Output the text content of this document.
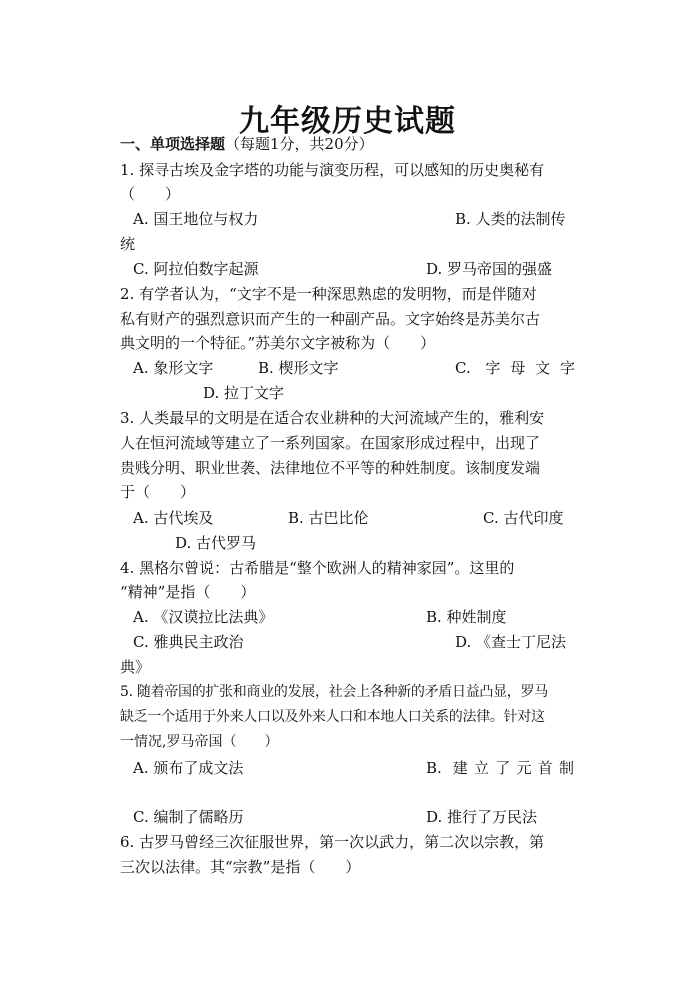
九年级历史试题
一、单项选择题（每题1分，共20分）
1. 探寻古埃及金字塔的功能与演变历程，可以感知的历史奥秘有
（　　）
A. 国王地位与权力	B. 人类的法制传
统
C. 阿拉伯数字起源	D. 罗马帝国的强盛
2. 有学者认为，“文字不是一种深思熟虑的发明物，而是伴随对
私有财产的强烈意识而产生的一种副产品。文字始终是苏美尔古
典文明的一个特征。”苏美尔文字被称为（　　）
A. 象形文字	B. 楔形文字	C. 字母文字
D. 拉丁文字
3. 人类最早的文明是在适合农业耕种的大河流域产生的，雅利安
人在恒河流域等建立了一系列国家。在国家形成过程中，出现了
贵贱分明、职业世袭、法律地位不平等的种姓制度。该制度发端
于（　　）
A. 古代埃及	B. 古巴比伦	C. 古代印度
D. 古代罗马
4. 黑格尔曾说：古希腊是“整个欧洲人的精神家园”。这里的
“精神”是指（　　）
A. 《汉谟拉比法典》	B. 种姓制度
C. 雅典民主政治	D. 《查士丁尼法
典》
5. 随着帝国的扩张和商业的发展，社会上各种新的矛盾日益凸显，罗马
缺乏一个适用于外来人口以及外来人口和本地人口关系的法律。针对这
一情况,罗马帝国（　　）
A. 颁布了成文法	B. 建立了元首制
C. 编制了儒略历	D. 推行了万民法
6. 古罗马曾经三次征服世界，第一次以武力，第二次以宗教，第
三次以法律。其“宗教”是指（　　）
